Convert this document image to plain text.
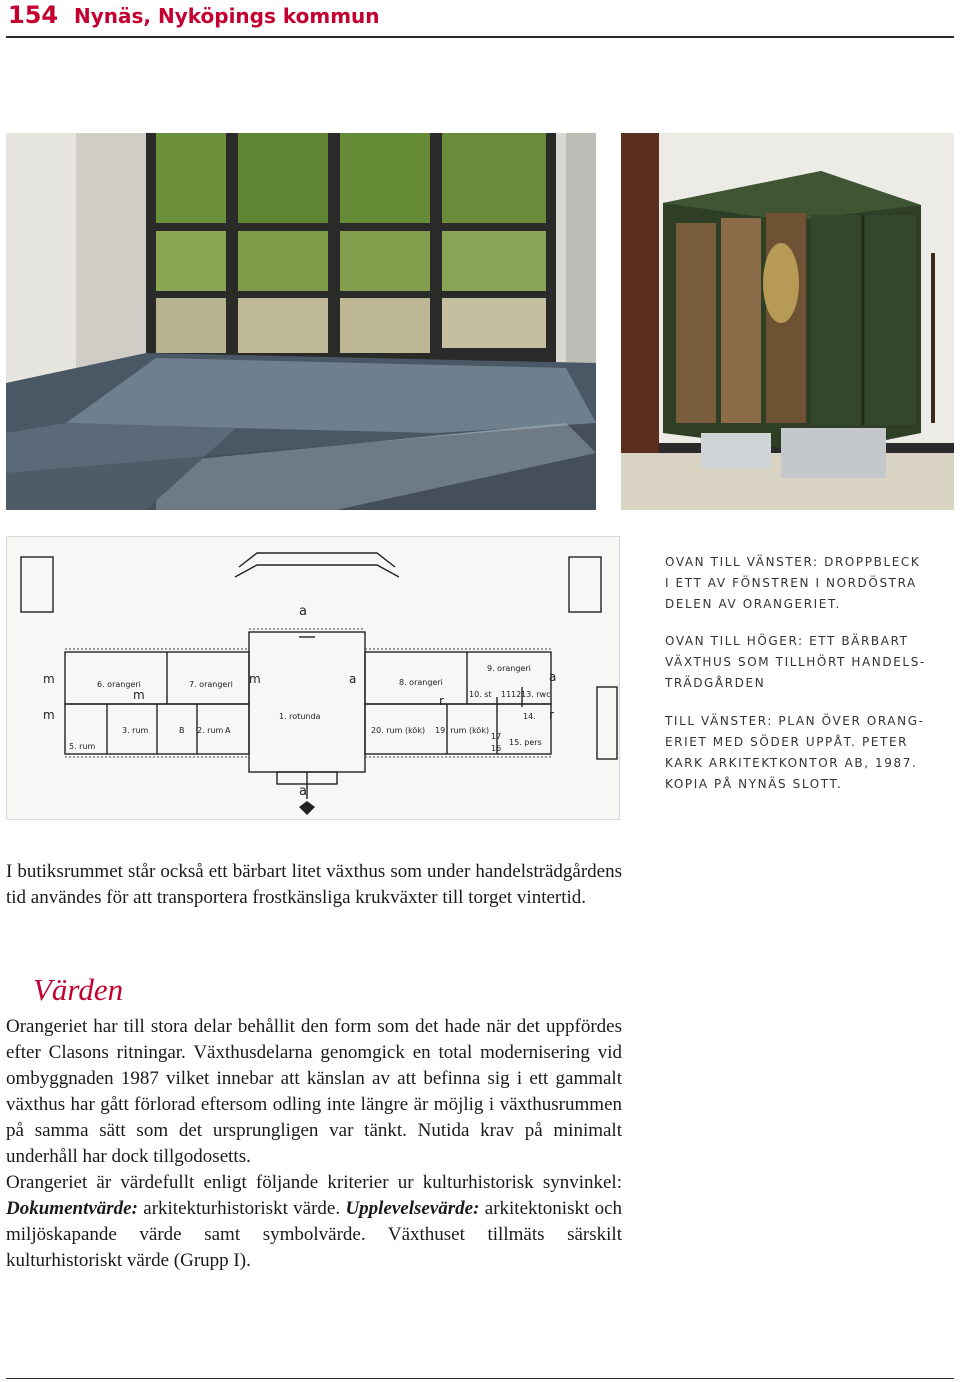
154 Nynäs, Nyköpings kommun
a
a
m
m
m
m	a
r
r
a
B	A
6. orangeri	7. orangeri
1. rotunda
2. rum
3. rum
5. rum
8. orangeri
9. orangeri
10. st 11 12 13. rwc
14.
15. pers
16
17
19. rum (kök)
20. rum (kök)
OVAN TILL VÄNSTER: DROPPBLECK
I ETT AV FÖNSTREN I NORDÖSTRA
DELEN AV ORANGERIET.
OVAN TILL HÖGER: ETT BÄRBART
VÄXTHUS SOM TILLHÖRT HANDELS-
TRÄDGÅRDEN
TILL VÄNSTER: PLAN ÖVER ORANG-
ERIET MED SÖDER UPPÅT. PETER
KARK ARKITEKTKONTOR AB, 1987.
KOPIA PÅ NYNÄS SLOTT.

I butiksrummet står också ett bärbart litet växthus som under handelsträdgårdens tid användes för att transportera frostkänsliga krukväxter till torget vintertid.

Värden

Orangeriet har till stora delar behållit den form som det hade när det uppfördes efter Clasons ritningar. Växthusdelarna genomgick en total modernisering vid ombyggnaden 1987 vilket innebar att känslan av att befinna sig i ett gammalt växthus har gått förlorad eftersom odling inte längre är möjlig i växthusrummen på samma sätt som det ursprungligen var tänkt. Nutida krav på minimalt underhåll har dock tillgodosetts.

Orangeriet är värdefullt enligt följande kriterier ur kulturhistorisk synvinkel: Dokumentvärde: arkitekturhistoriskt värde. Upplevelsevärde: arkitektoniskt och miljöskapande värde samt symbolvärde. Växthuset tillmäts särskilt kulturhistoriskt värde (Grupp I).
